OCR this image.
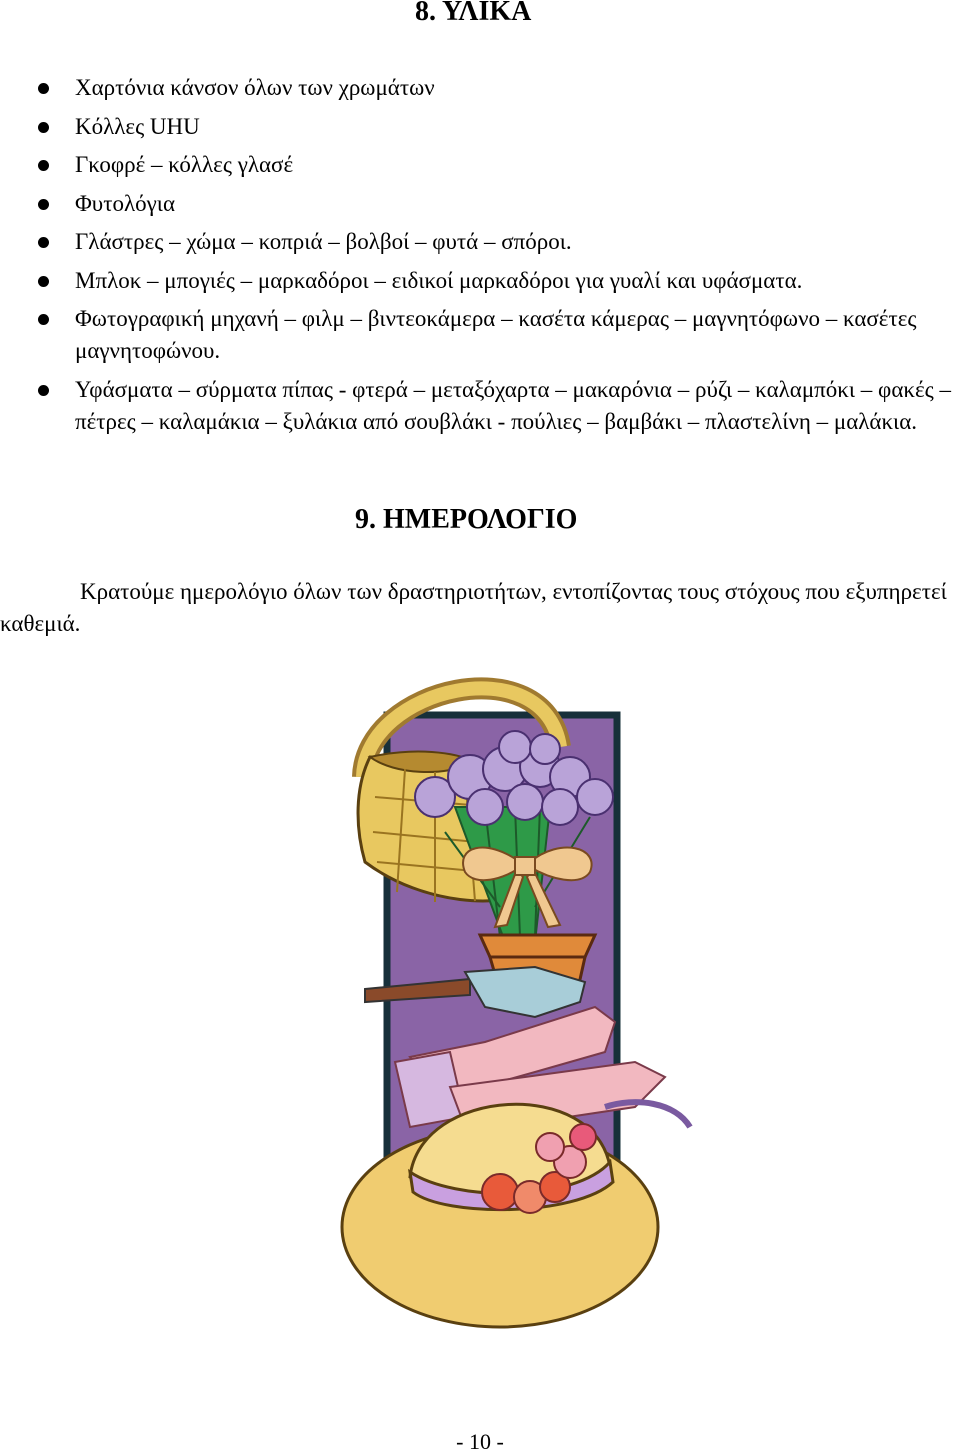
8. ΥΛΙΚΑ
Χαρτόνια κάνσον όλων των χρωμάτων
Κόλλες UHU
Γκοφρέ – κόλλες γλασέ
Φυτολόγια
Γλάστρες – χώμα – κοπριά – βολβοί – φυτά – σπόροι.
Μπλοκ – μπογιές – μαρκαδόροι – ειδικοί μαρκαδόροι για γυαλί και υφάσματα.
Φωτογραφική μηχανή – φιλμ – βιντεοκάμερα – κασέτα κάμερας – μαγνητόφωνο – κασέτες μαγνητοφώνου.
Υφάσματα – σύρματα πίπας - φτερά – μεταξόχαρτα – μακαρόνια – ρύζι – καλαμπόκι – φακές – πέτρες – καλαμάκια – ξυλάκια από σουβλάκι - πούλιες – βαμβάκι – πλαστελίνη – μαλάκια.
9. ΗΜΕΡΟΛΟΓΙΟ

Κρατούμε ημερολόγιο όλων των δραστηριοτήτων, εντοπίζοντας τους στόχους που εξυπηρετεί καθεμιά.

- 10 -
